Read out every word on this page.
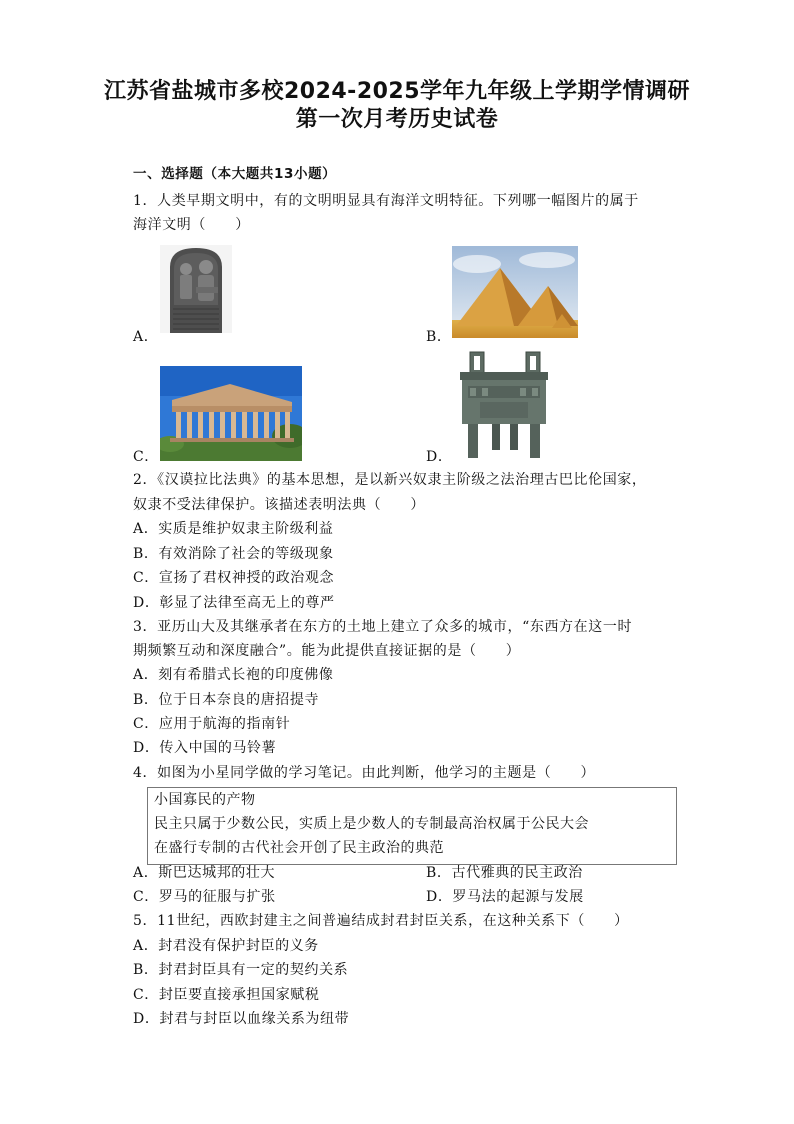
江苏省盐城市多校2024-2025学年九年级上学期学情调研
第一次月考历史试卷
一、选择题（本大题共13小题）
1．人类早期文明中，有的文明明显具有海洋文明特征。下列哪一幅图片的属于
海洋文明（　　）
A．	B．
C．	D．
2．《汉谟拉比法典》的基本思想，是以新兴奴隶主阶级之法治理古巴比伦国家，
奴隶不受法律保护。该描述表明法典（　　）
A．实质是维护奴隶主阶级利益
B．有效消除了社会的等级现象
C．宣扬了君权神授的政治观念
D．彰显了法律至高无上的尊严
3．亚历山大及其继承者在东方的土地上建立了众多的城市，“东西方在这一时
期频繁互动和深度融合”。能为此提供直接证据的是（　　）
A．刻有希腊式长袍的印度佛像
B．位于日本奈良的唐招提寺
C．应用于航海的指南针
D．传入中国的马铃薯
4．如图为小星同学做的学习笔记。由此判断，他学习的主题是（　　）
小国寡民的产物
民主只属于少数公民，实质上是少数人的专制最高治权属于公民大会
在盛行专制的古代社会开创了民主政治的典范
A．斯巴达城邦的壮大	B．古代雅典的民主政治
C．罗马的征服与扩张	D．罗马法的起源与发展
5．11世纪，西欧封建主之间普遍结成封君封臣关系，在这种关系下（　　）
A．封君没有保护封臣的义务
B．封君封臣具有一定的契约关系
C．封臣要直接承担国家赋税
D．封君与封臣以血缘关系为纽带
